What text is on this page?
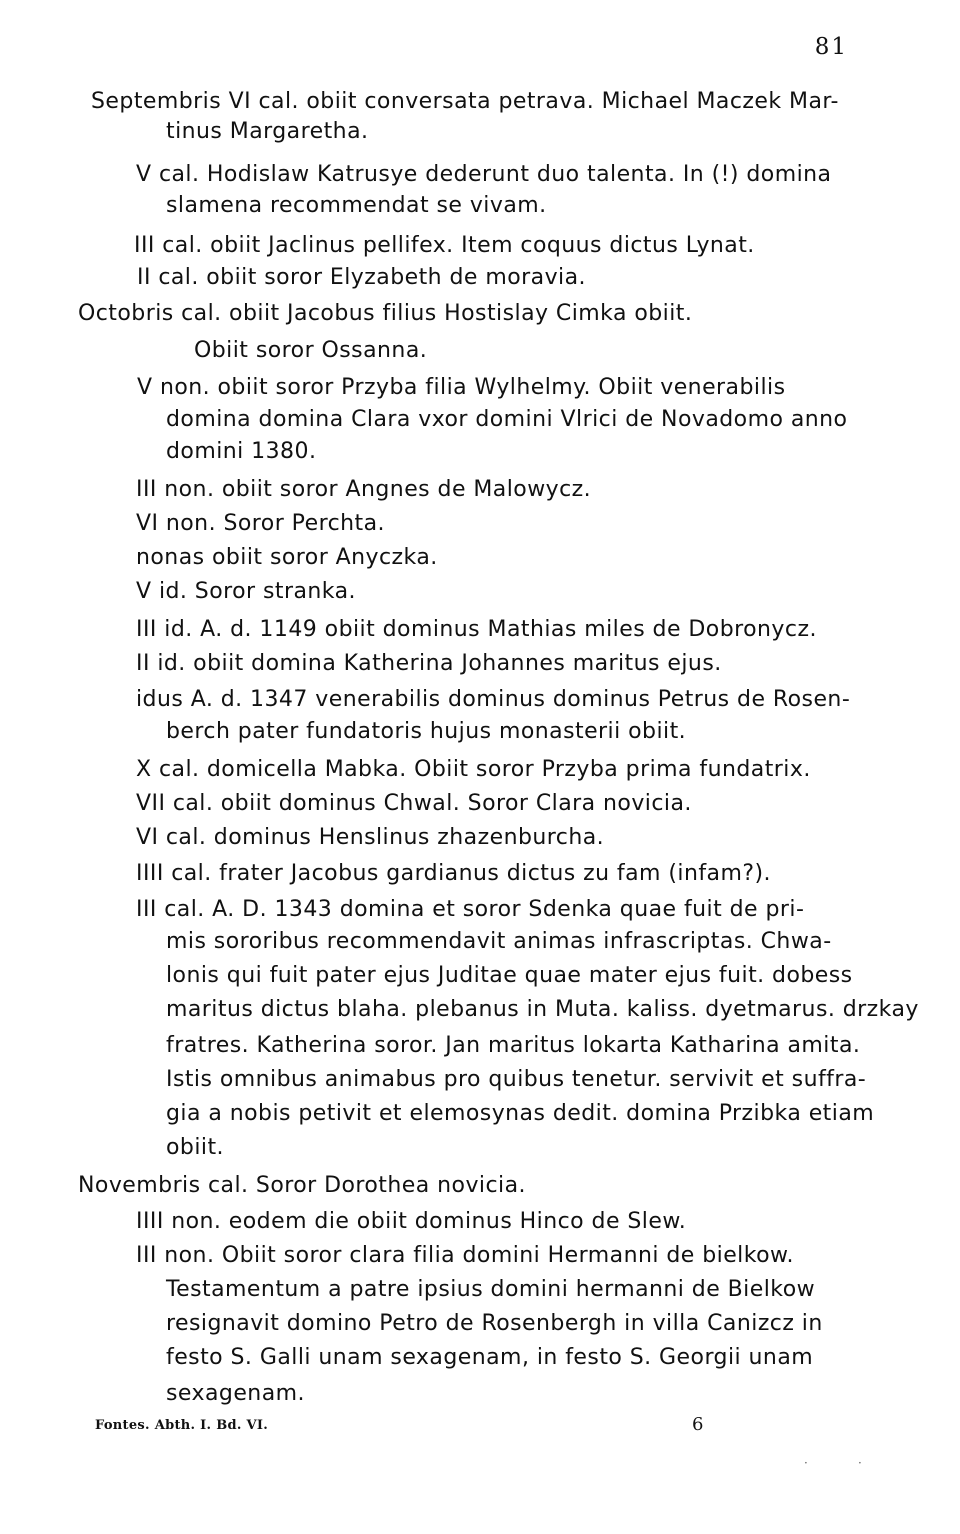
81
Septembris VI cal. obiit conversata petrava. Michael Maczek Mar-
tinus Margaretha.
V cal. Hodislaw Katrusye dederunt duo talenta. In (!) domina
slamena recommendat se vivam.
III cal. obiit Jaclinus pellifex. Item coquus dictus Lynat.
II cal. obiit soror Elyzabeth de moravia.
Octobris cal. obiit Jacobus filius Hostislay Cimka obiit.
Obiit soror Ossanna.
V non. obiit soror Przyba filia Wylhelmy. Obiit venerabilis
domina domina Clara vxor domini Vlrici de Novadomo anno
domini 1380.
III non. obiit soror Angnes de Malowycz.
VI non. Soror Perchta.
nonas obiit soror Anyczka.
V id. Soror stranka.
III id. A. d. 1149 obiit dominus Mathias miles de Dobronycz.
II id. obiit domina Katherina Johannes maritus ejus.
idus A. d. 1347 venerabilis dominus dominus Petrus de Rosen-
berch pater fundatoris hujus monasterii obiit.
X cal. domicella Mabka. Obiit soror Przyba prima fundatrix.
VII cal. obiit dominus Chwal. Soror Clara novicia.
VI cal. dominus Henslinus zhazenburcha.
IIII cal. frater Jacobus gardianus dictus zu fam (infam?).
III cal. A. D. 1343 domina et soror Sdenka quae fuit de pri-
mis sororibus recommendavit animas infrascriptas. Chwa-
lonis qui fuit pater ejus Juditae quae mater ejus fuit. dobess
maritus dictus blaha. plebanus in Muta. kaliss. dyetmarus. drzkay
fratres. Katherina soror. Jan maritus lokarta Katharina amita.
Istis omnibus animabus pro quibus tenetur. servivit et suffra-
gia a nobis petivit et elemosynas dedit. domina Przibka etiam
obiit.
Novembris cal. Soror Dorothea novicia.
IIII non. eodem die obiit dominus Hinco de Slew.
III non. Obiit soror clara filia domini Hermanni de bielkow.
Testamentum a patre ipsius domini hermanni de Bielkow
resignavit domino Petro de Rosenbergh in villa Canizcz in
festo S. Galli unam sexagenam, in festo S. Georgii unam
sexagenam.
Fontes. Abth. I. Bd. VI.	6
·	·
